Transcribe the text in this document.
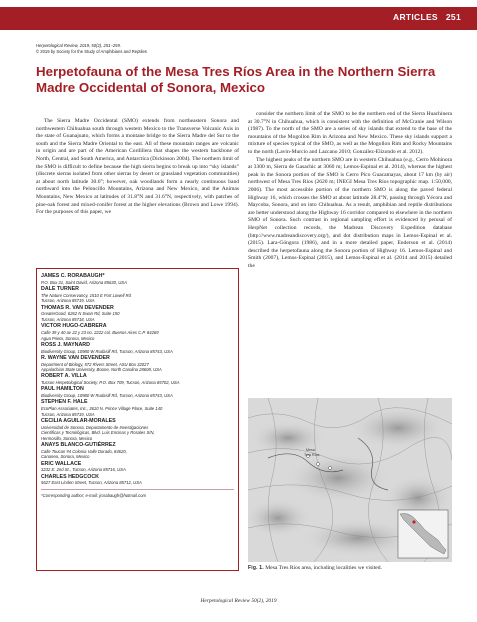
ARTICLES 251
Herpetological Review, 2019, 50(2), 251–259.
© 2019 by Society for the Study of Amphibians and Reptiles
Herpetofauna of the Mesa Tres Ríos Area in the Northern Sierra Madre Occidental of Sonora, Mexico

The Sierra Madre Occidental (SMO) extends from northeastern Sonora and northwestern Chihuahua south through western Mexico to the Transverse Volcanic Axis in the state of Guanajuato, which forms a montane bridge to the Sierra Madre del Sur to the south and the Sierra Madre Oriental to the east. All of these mountain ranges are volcanic in origin and are part of the American Cordillera that shapes the western backbone of North, Central, and South America, and Antarctica (Dickinson 2004). The northern limit of the SMO is difficult to define because the high sierra begins to break up into “sky islands” (discrete sierras isolated from other sierras by desert or grassland vegetation communities) at about north latitude 30.6°; however, oak woodlands form a nearly continuous band northward into the Peloncillo Mountains, Arizona and New Mexico, and the Animas Mountains, New Mexico at latitudes of 31.8°N and 31.6°N, respectively, with patches of pine-oak forest and mixed-conifer forest at the higher elevations (Brown and Lowe 1994). For the purposes of this paper, we

JAMES C. RORABAUGH*
P.O. Box 31, Saint David, Arizona 85630, USA
DALE TURNER
The Nature Conservancy, 1510 E Fort Lowell Rd
Tucson, Arizona 85719, USA
THOMAS R. VAN DEVENDER
GreaterGood, 6262 N Swan Rd, Suite 150
Tucson, Arizona 85718, USA
VICTOR HUGO-CABRERA
Calle 39 y 40 av 22 y 23 no. 2222 col. Buenos Aires C.P. 84269
Agua Prieta, Sonora, Mexico
ROSS J. MAYNARD
Biodiversity Group, 10980 W Rudasill Rd, Tucson, Arizona 85743, USA
R. WAYNE VAN DEVENDER
Department of Biology, 572 Rivers Street, ASU Box 32027
Appalachian State University, Boone, North Carolina 28608, USA
ROBERT A. VILLA
Tucson Herpetological Society, P.O. Box 709, Tucson, Arizona 85702, USA
PAUL HAMILTON
Biodiversity Group, 10980 W Rudasill Rd, Tucson, Arizona 85743, USA
STEPHEN F. HALE
EcoPlan Associates, Inc., 3610 N. Prince Village Place, Suite 140
Tucson, Arizona 85719, USA
CECILIA AGUILAR-MORALES
Universidad de Sonora, Departamento de Investigaciones
Científicas y Tecnológicas, Blvd. Luis Encinas y Rosales S/N,
Hermosillo, Sonora, Mexico
ANAYS BLANCO-GUTIÉRREZ
Calle Toucan #4 Colonia Valle Dorado, 84620,
Cananea, Sonora, Mexico
ERIC WALLACE
3232 E. 2nd St., Tucson, Arizona 85716, USA
CHARLES HEDGCOCK
5627 East Linden Street, Tucson, Arizona 85712, USA
*Corresponding author; e-mail: jrorabaugh@hotmail.com

consider the northern limit of the SMO to be the northern end of the Sierra Huachinera at 30.7°N in Chihuahua, which is consistent with the definition of McCranie and Wilson (1987). To the north of the SMO are a series of sky islands that extend to the base of the mountains of the Mogollon Rim in Arizona and New Mexico. These sky islands support a mixture of species typical of the SMO, as well as the Mogollon Rim and Rocky Mountains to the north (Lavin-Murcio and Lazcano 2010; González-Elizondo et al. 2012).

The highest peaks of the northern SMO are in western Chihuahua (e.g., Cerro Mohinora at 3300 m, Sierra de Gasachic at 3060 m; Lemos-Espinal et al. 2014), whereas the highest peak in the Sonora portion of the SMO is Cerro Pico Guacamayas, about 17 km (by air) northwest of Mesa Tres Ríos (2620 m; INEGI Mesa Tres Ríos topographic map. 1:50,000, 2006). The most accessible portion of the northern SMO is along the paved federal Highway 16, which crosses the SMO at about latitude 28.4°N, passing through Yécora and Maycoba, Sonora, and on into Chihuahua. As a result, amphibian and reptile distributions are better understood along the Highway 16 corridor compared to elsewhere in the northern SMO of Sonora. Such contrast in regional sampling effort is evidenced by perusal of HerpNet collection records, the Madrean Discovery Expedition database (http://www.madreandiscovery.org/), and dot distribution maps in Lemos-Espinal et al. (2015). Lara-Góngora (1986), and in a more detailed paper, Enderson et al. (2014) described the herpetofauna along the Sonora portion of Highway 16. Lemos-Espinal and Smith (2007), Lemos-Espinal (2015), and Lemos-Espinal et al. (2014 and 2015) detailed the

Mesa
Tres Ríos
Fig. 1. Mesa Tres Ríos area, including localities we visited.
Herpetological Review 50(2), 2019
